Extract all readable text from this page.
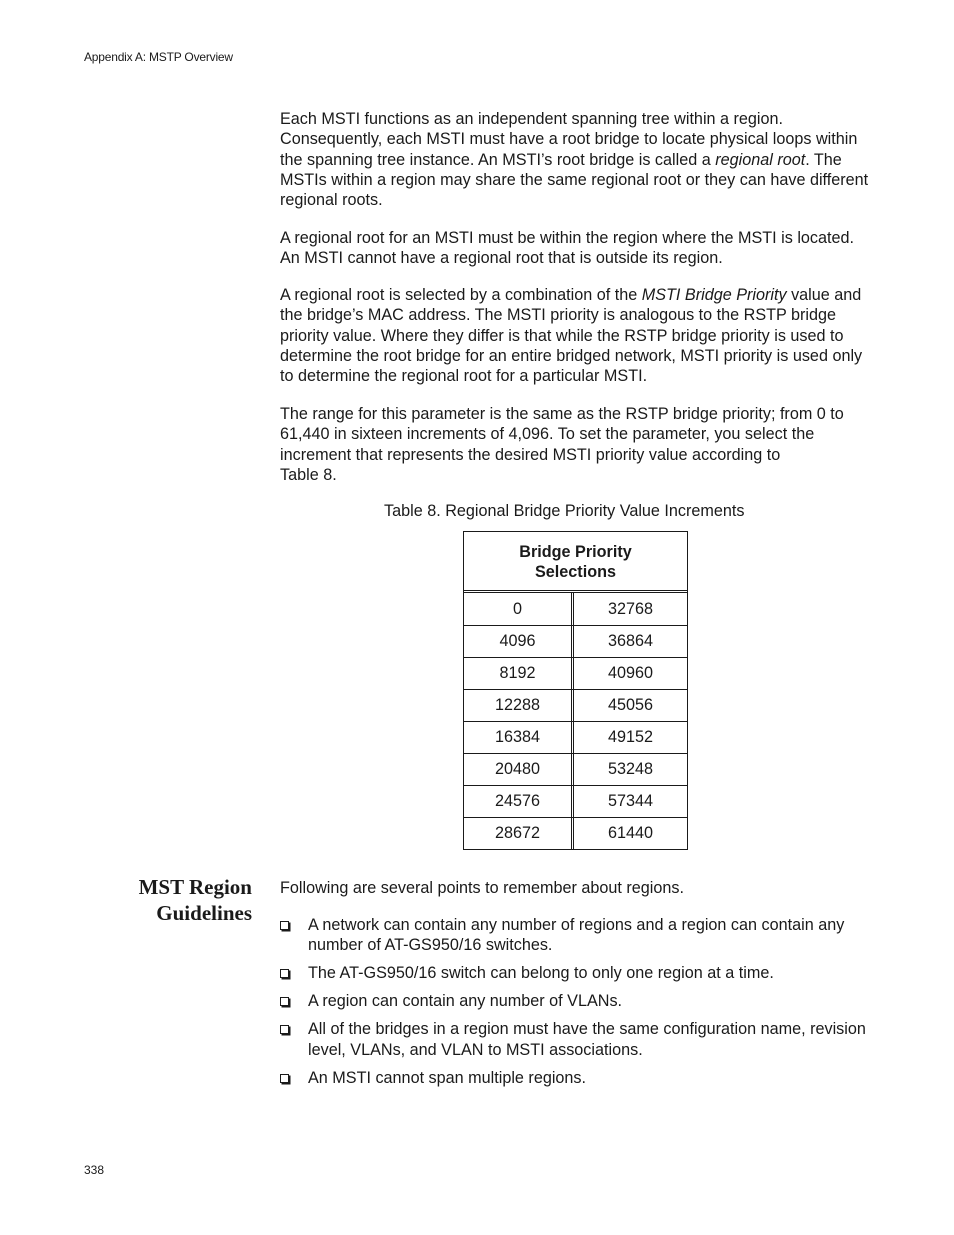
Appendix A: MSTP Overview

Each MSTI functions as an independent spanning tree within a region. Consequently, each MSTI must have a root bridge to locate physical loops within the spanning tree instance. An MSTI’s root bridge is called a regional root. The MSTIs within a region may share the same regional root or they can have different regional roots.

A regional root for an MSTI must be within the region where the MSTI is located. An MSTI cannot have a regional root that is outside its region.

A regional root is selected by a combination of the MSTI Bridge Priority value and the bridge’s MAC address. The MSTI priority is analogous to the RSTP bridge priority value. Where they differ is that while the RSTP bridge priority is used to determine the root bridge for an entire bridged network, MSTI priority is used only to determine the regional root for a particular MSTI.

The range for this parameter is the same as the RSTP bridge priority; from 0 to 61,440 in sixteen increments of 4,096. To set the parameter, you select the increment that represents the desired MSTI priority value according to
Table 8.

Table 8. Regional Bridge Priority Value Increments
Bridge Priority
Selections
0	32768
4096	36864
8192	40960
12288	45056
16384	49152
20480	53248
24576	57344
28672	61440
MST Region
Guidelines
Following are several points to remember about regions.
A network can contain any number of regions and a region can contain any number of AT-GS950/16 switches.
The AT-GS950/16 switch can belong to only one region at a time.
A region can contain any number of VLANs.
All of the bridges in a region must have the same configuration name, revision level, VLANs, and VLAN to MSTI associations.
An MSTI cannot span multiple regions.
338
